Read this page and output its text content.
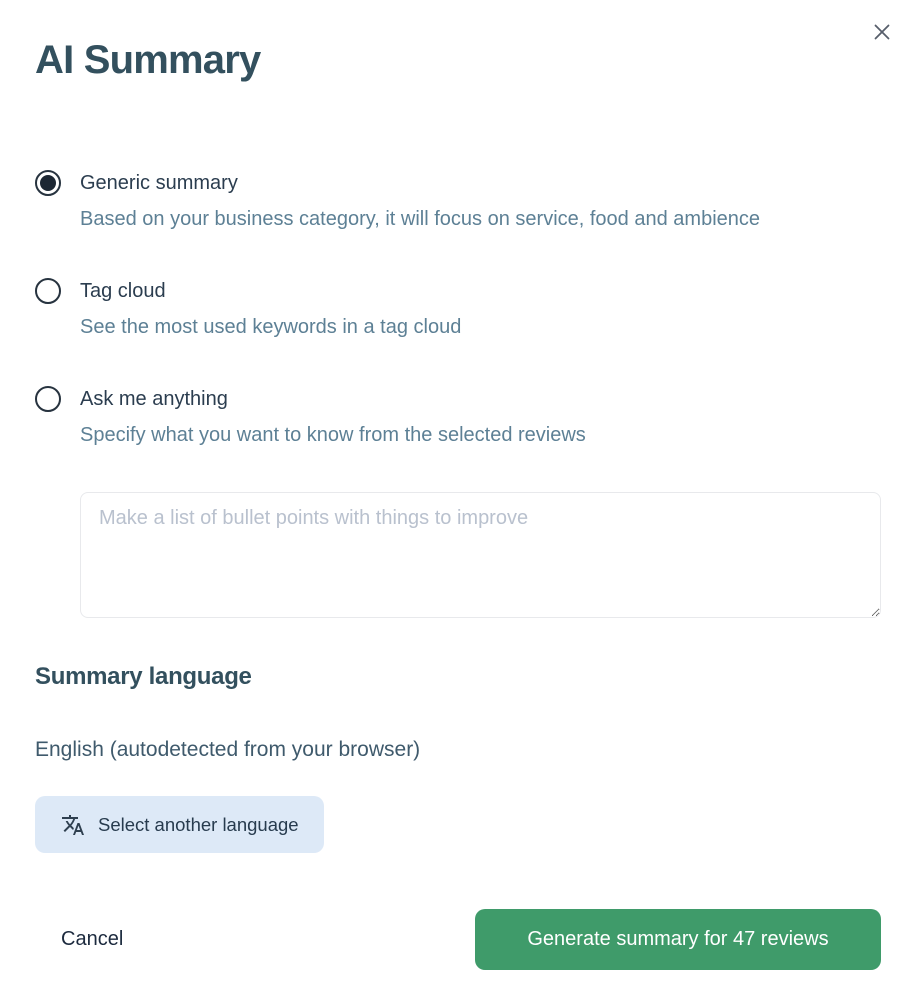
AI Summary
Generic summary
Based on your business category, it will focus on service, food and ambience
Tag cloud
See the most used keywords in a tag cloud
Ask me anything
Specify what you want to know from the selected reviews
Make a list of bullet points with things to improve
Summary language
English (autodetected from your browser)
Select another language
Cancel	Generate summary for 47 reviews
